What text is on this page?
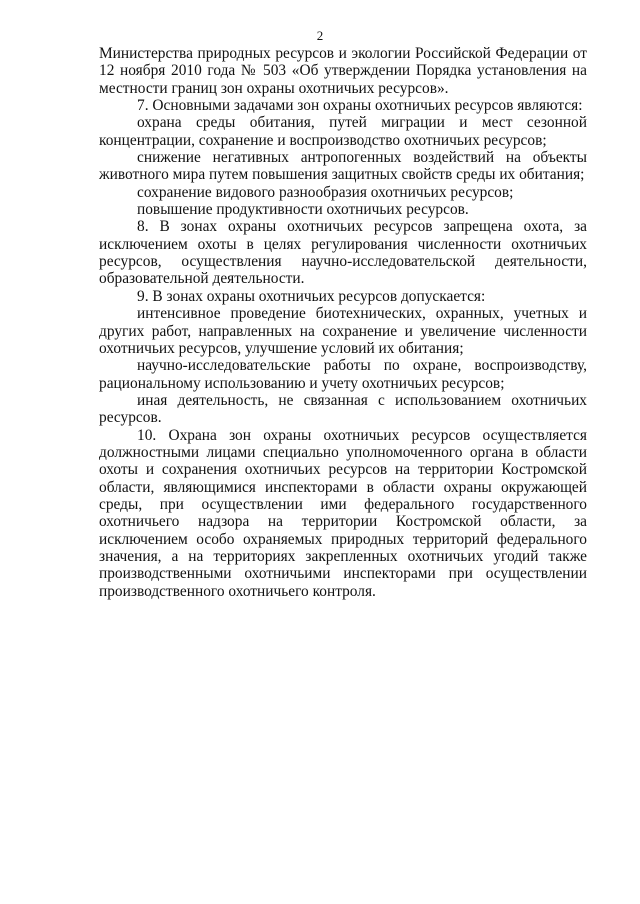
2

Министерства природных ресурсов и экологии Российской Федерации от 12 ноября 2010 года № 503 «Об утверждении Порядка установления на местности границ зон охраны охотничьих ресурсов».

7. Основными задачами зон охраны охотничьих ресурсов являются:

охрана среды обитания, путей миграции и мест сезонной концентрации, сохранение и воспроизводство охотничьих ресурсов;

снижение негативных антропогенных воздействий на объекты животного мира путем повышения защитных свойств среды их обитания;

сохранение видового разнообразия охотничьих ресурсов;

повышение продуктивности охотничьих ресурсов.

8. В зонах охраны охотничьих ресурсов запрещена охота, за исключением охоты в целях регулирования численности охотничьих ресурсов, осуществления научно-исследовательской деятельности, образовательной деятельности.

9. В зонах охраны охотничьих ресурсов допускается:

интенсивное проведение биотехнических, охранных, учетных и других работ, направленных на сохранение и увеличение численности охотничьих ресурсов, улучшение условий их обитания;

научно-исследовательские работы по охране, воспроизводству, рациональному использованию и учету охотничьих ресурсов;

иная деятельность, не связанная с использованием охотничьих ресурсов.

10. Охрана зон охраны охотничьих ресурсов осуществляется должностными лицами специально уполномоченного органа в области охоты и сохранения охотничьих ресурсов на территории Костромской области, являющимися инспекторами в области охраны окружающей среды, при осуществлении ими федерального государственного охотничьего надзора на территории Костромской области, за исключением особо охраняемых природных территорий федерального значения, а на территориях закрепленных охотничьих угодий также производственными охотничьими инспекторами при осуществлении производственного охотничьего контроля.
